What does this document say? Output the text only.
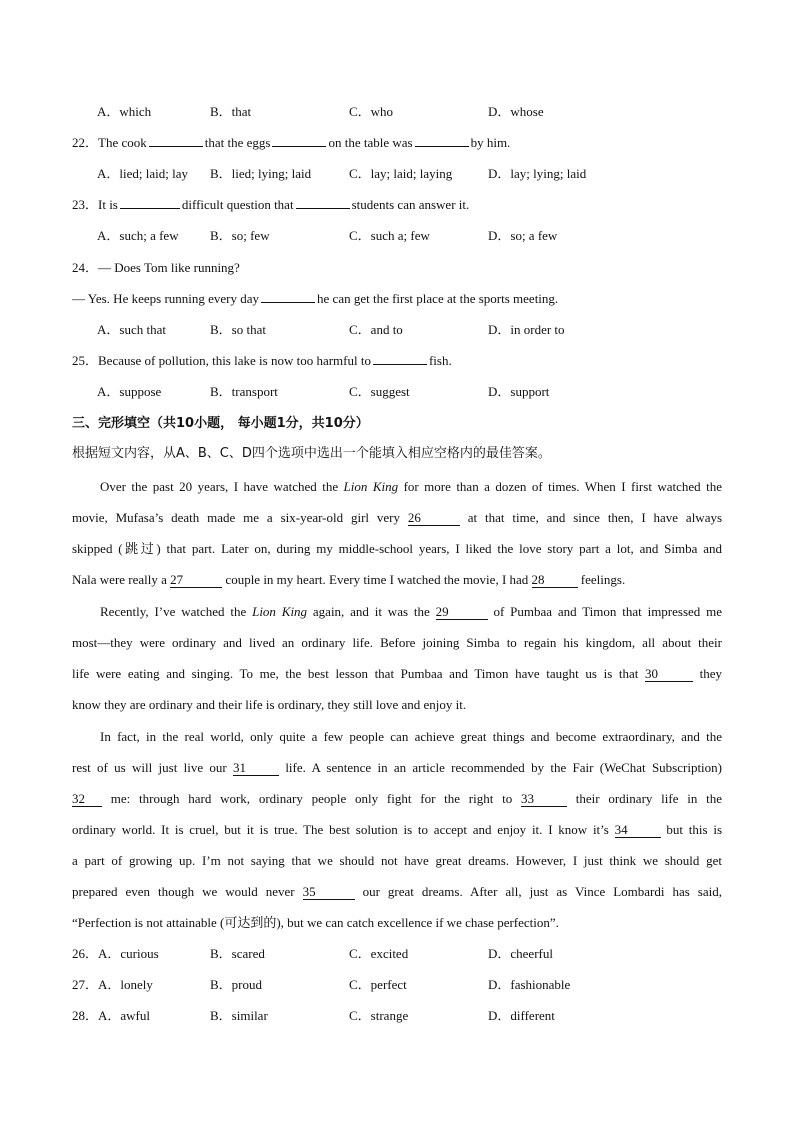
A．which	B．that	C．who	D．whose
22．The cook	that the eggs	on the table was	by him.
A．lied; laid; lay B．lied; lying; laid	C．lay; laid; laying	D．lay; lying; laid
23．It is	difficult question that	students can answer it.
A．such; a few B．so; few	C．such a; few	D．so; a few
24．— Does Tom like running?
— Yes. He keeps running every day	he can get the first place at the sports meeting.
A．such that	B．so that	C．and to	D．in order to
25．Because of pollution, this lake is now too harmful to	fish.
A．suppose	B．transport	C．suggest	D．support
三、完形填空（共10小题， 每小题1分，共10分）
根据短文内容，从A、B、C、D四个选项中选出一个能填入相应空格内的最佳答案。
Over the past 20 years, I have watched the Lion King for more than a dozen of times. When I first watched the
movie, Mufasa’s death made me a six-year-old girl very 26	at that time, and since then, I have always
skipped (跳过) that part. Later on, during my middle-school years, I liked the love story part a lot, and Simba and
Nala were really a 27	couple in my heart. Every time I watched the movie, I had 28	feelings.
Recently, I’ve watched the Lion King again, and it was the 29	of Pumbaa and Timon that impressed me
most—they were ordinary and lived an ordinary life. Before joining Simba to regain his kingdom, all about their
life were eating and singing. To me, the best lesson that Pumbaa and Timon have taught us is that 30	they
know they are ordinary and their life is ordinary, they still love and enjoy it.
In fact, in the real world, only quite a few people can achieve great things and become extraordinary, and the
rest of us will just live our 31	life. A sentence in an article recommended by the Fair (WeChat Subscription)
32 me: through hard work, ordinary people only fight for the right to 33	their ordinary life in the
ordinary world. It is cruel, but it is true. The best solution is to accept and enjoy it. I know it’s 34	but this is
a part of growing up. I’m not saying that we should not have great dreams. However, I just think we should get
prepared even though we would never 35	our great dreams. After all, just as Vince Lombardi has said,
“Perfection is not attainable (可达到的), but we can catch excellence if we chase perfection”.
26．A．curious	B．scared	C．excited	D．cheerful
27．A．lonely	B．proud	C．perfect	D．fashionable
28．A．awful	B．similar	C．strange	D．different
